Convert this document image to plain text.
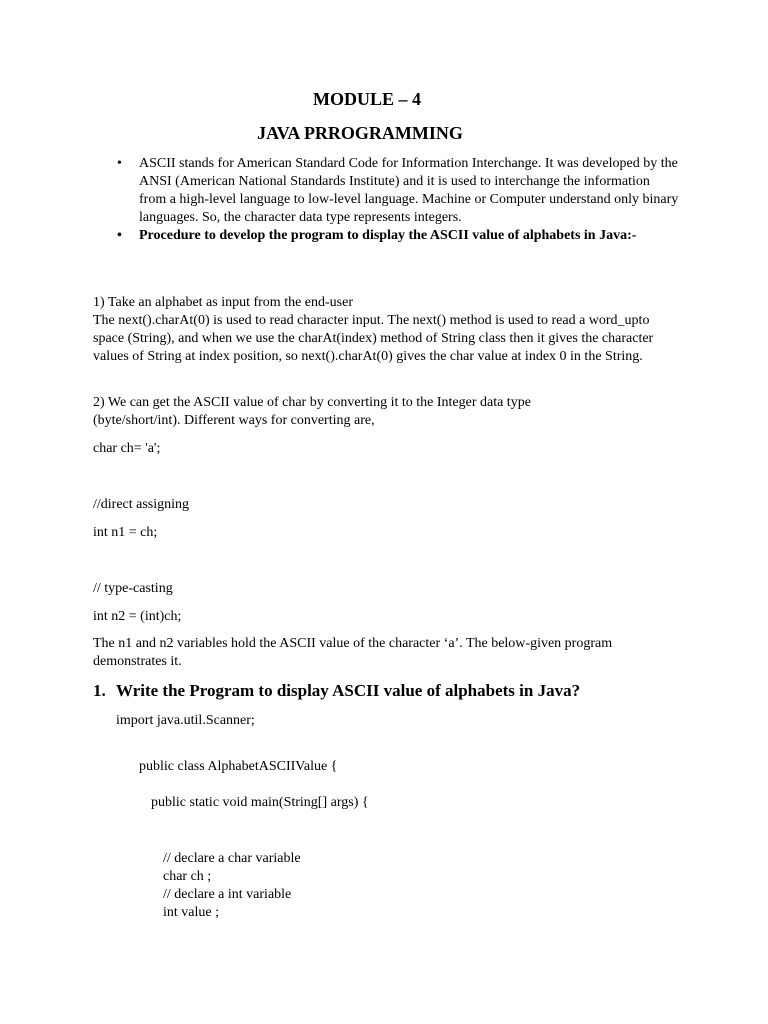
MODULE – 4
JAVA PRROGRAMMING

• ASCII stands for American Standard Code for Information Interchange. It was developed by the ANSI (American National Standards Institute) and it is used to interchange the information from a high-level language to low-level language. Machine or Computer understand only binary languages. So, the character data type represents integers.

• Procedure to develop the program to display the ASCII value of alphabets in Java:-

1) Take an alphabet as input from the end-user

The next().charAt(0) is used to read character input. The next() method is used to read a word_upto space (String), and when we use the charAt(index) method of String class then it gives the character values of String at index position, so next().charAt(0) gives the char value at index 0 in the String.

2) We can get the ASCII value of char by converting it to the Integer data type (byte/short/int). Different ways for converting are,

char ch= 'a';
//direct assigning
int n1 = ch;
// type-casting
int n2 = (int)ch;

The n1 and n2 variables hold the ASCII value of the character ‘a’. The below-given program demonstrates it.

1. Write the Program to display ASCII value of alphabets in Java?
import java.util.Scanner;
public class AlphabetASCIIValue {
public static void main(String[] args) {
// declare a char variable
char ch ;
// declare a int variable
int value ;
